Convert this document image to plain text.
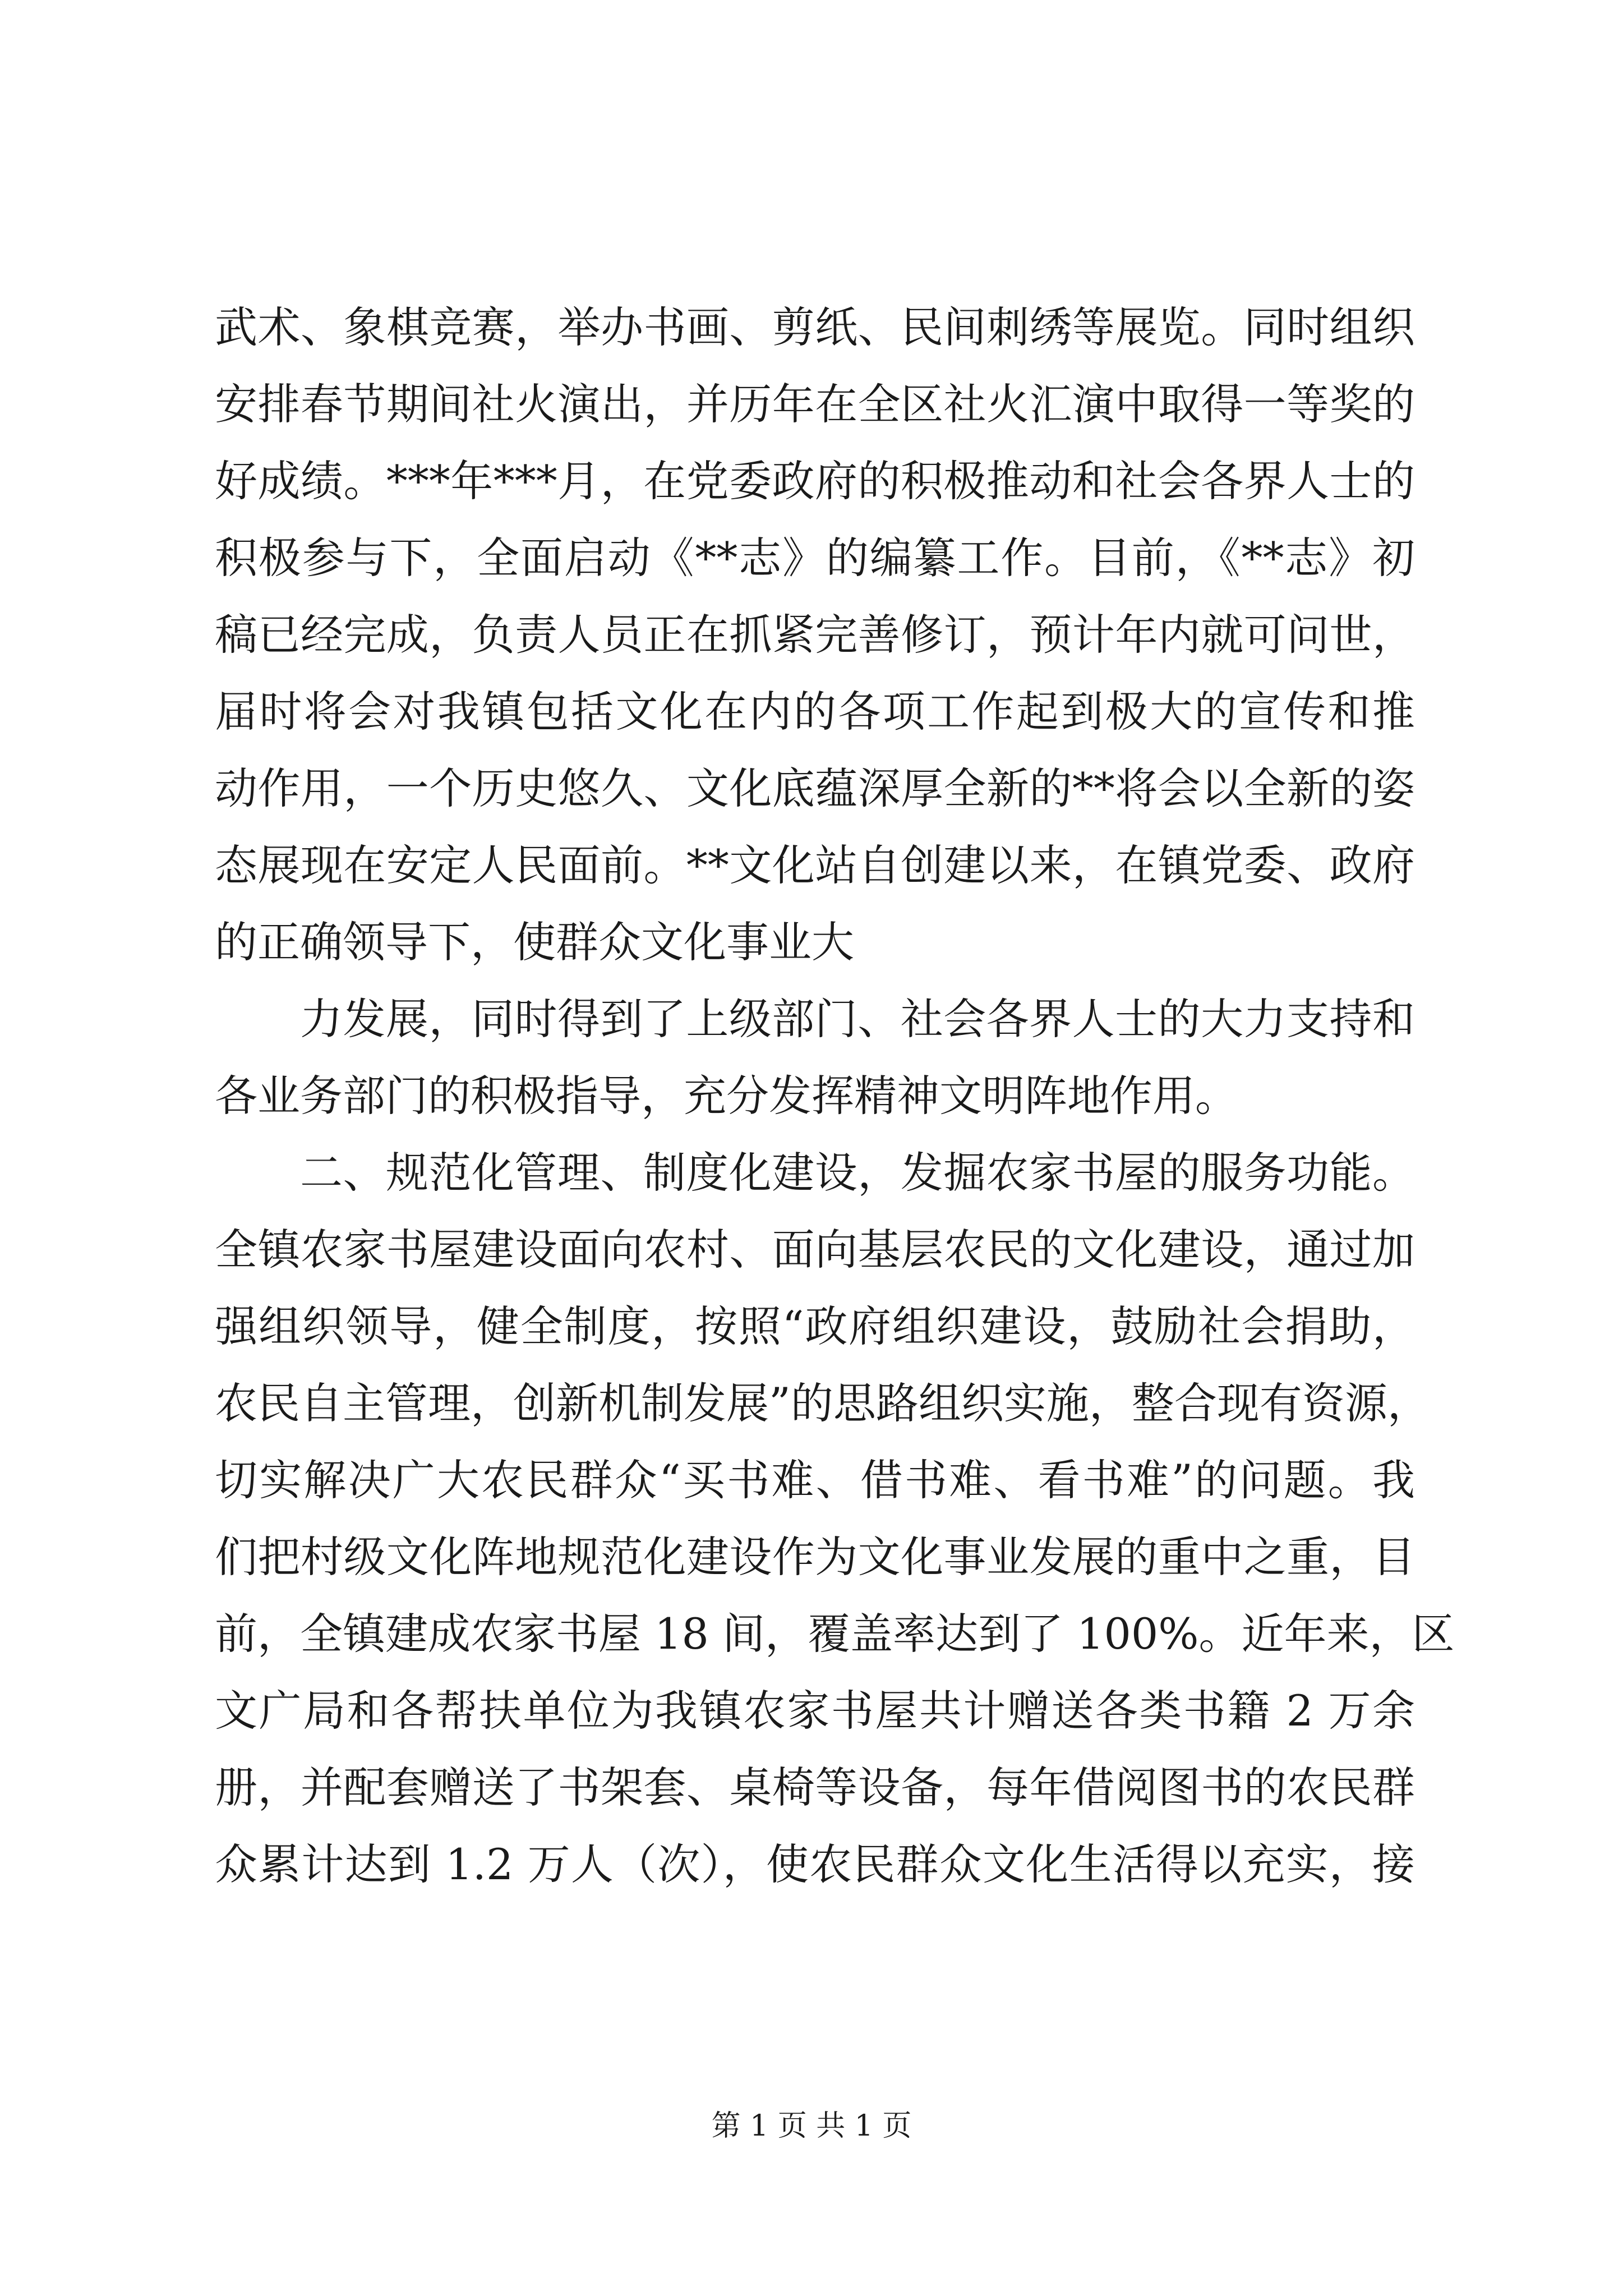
武术、象棋竞赛，举办书画、剪纸、民间刺绣等展览。同时组织
安排春节期间社火演出，并历年在全区社火汇演中取得一等奖的
好成绩。***年***月，在党委政府的积极推动和社会各界人士的
积极参与下，全面启动《**志》的编纂工作。目前，《**志》初
稿已经完成，负责人员正在抓紧完善修订，预计年内就可问世，
届时将会对我镇包括文化在内的各项工作起到极大的宣传和推
动作用，一个历史悠久、文化底蕴深厚全新的**将会以全新的姿
态展现在安定人民面前。**文化站自创建以来，在镇党委、政府
的正确领导下，使群众文化事业大
力发展，同时得到了上级部门、社会各界人士的大力支持和
各业务部门的积极指导，充分发挥精神文明阵地作用。
二、规范化管理、制度化建设，发掘农家书屋的服务功能。
全镇农家书屋建设面向农村、面向基层农民的文化建设，通过加
强组织领导，健全制度，按照“政府组织建设，鼓励社会捐助，
农民自主管理，创新机制发展”的思路组织实施，整合现有资源，
切实解决广大农民群众“买书难、借书难、看书难”的问题。我
们把村级文化阵地规范化建设作为文化事业发展的重中之重，目
前，全镇建成农家书屋 18 间，覆盖率达到了 100%。近年来，区
文广局和各帮扶单位为我镇农家书屋共计赠送各类书籍 2 万余
册，并配套赠送了书架套、桌椅等设备，每年借阅图书的农民群
众累计达到 1.2 万人（次），使农民群众文化生活得以充实，接
第 1 页 共 1 页
